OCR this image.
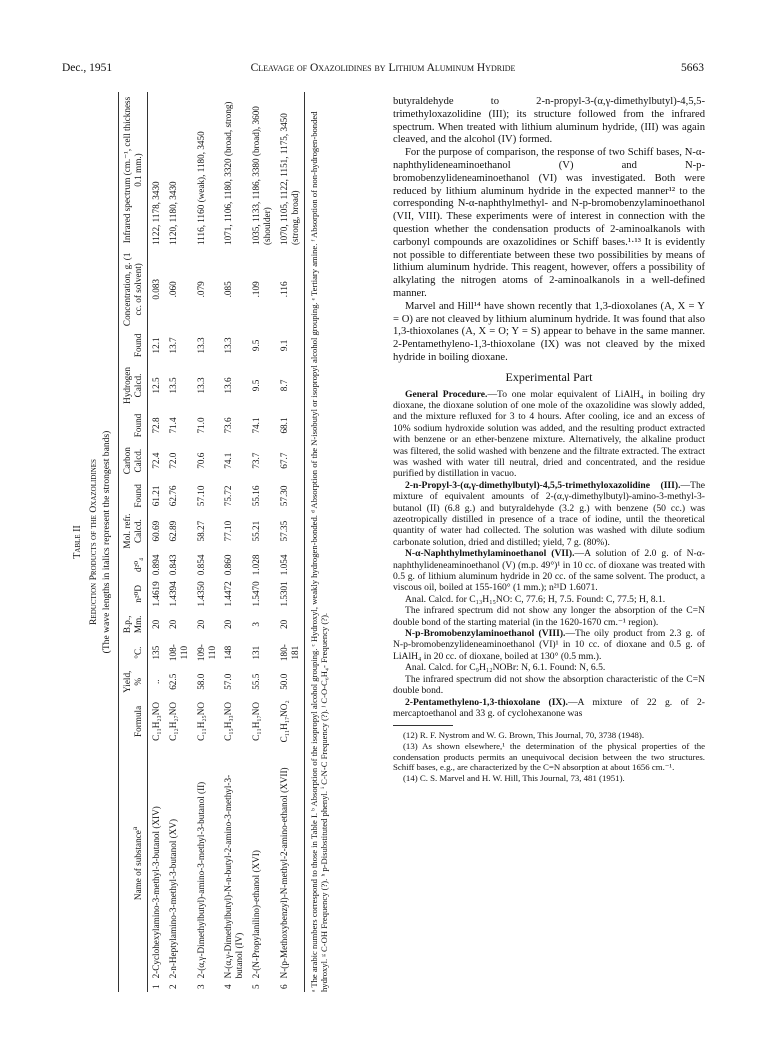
Dec., 1951	Cleavage of Oxazolidines by Lithium Aluminum Hydride	5663
Table II Reduction Products of the Oxazolidines (The wave lengths in italics represent the strongest bands)
	Name of substance$^a$	Formula	Yield, %	°C.	B.p., Mm.	n²⁰D	d²⁰₄	Mol. refr. Calcd.	Found	Carbon Calcd.	Found	Hydrogen Calcd.	Found	Concentration, g. (1 cc. of solvent)	Infrared spectrum (cm.⁻¹, cell thickness 0.1 mm.)
1	2-Cyclohexylamino-3-methyl-3-butanol (XIV)	C₁₁H₂₃NO	..	135	20	1.4619	0.894	60.69	61.21	72.4	72.8	12.5	12.1	0.083	1122, 1178, 3430
2	2-n-Heptylamino-3-methyl-3-butanol (XV)	C₁₂H₂₇NO	62.5	108-110	20	1.4394	0.843	62.89	62.76	72.0	71.4	13.5	13.7	.060	1120, 1180, 3430
3	2-(α,γ-Dimethylbutyl)-amino-3-methyl-3-butanol (II)	C₁₁H₂₅NO	58.0	109-110	20	1.4350	0.854	58.27	57.10	70.6	71.0	13.3	13.3	.079	1116, 1160 (weak), 1180, 3450
4	N-(α,γ-Dimethylbutyl)-N-n-butyl-2-amino-3-methyl-3-butanol (IV)	C₁₅H₃₃NO	57.0	148	20	1.4472	0.860	77.10	75.72	74.1	73.6	13.6	13.3	.085	1071, 1106, 1180, 3320 (broad, strong)
5	2-(N-Propylanilino)-ethanol (XVI)	C₁₁H₁₇NO	55.5	131	3	1.5470	1.028	55.21	55.16	73.7	74.1	9.5	9.5	.109	1035, 1133, 1186, 3380 (broad), 3600 (shoulder)
6	N-(p-Methoxybenzyl)-N-methyl-2-amino-ethanol (XVII)	C₁₁H₁₇NO₂	50.0	180-181	20	1.5301	1.054	57.35	57.30	67.7	68.1	8.7	9.1	.116	1070, 1105, 1122, 1151, 1175, 3450 (strong, broad) ᵃ The arabic numbers correspond to those in Table I. ᵇ Absorption of the isopropyl alcohol grouping. ᶜ Hydroxyl, weakly hydrogen-bonded. ᵈ Absorption of the N-isobutyl or isopropyl alcohol grouping. ᵉ Tertiary amine. ᶠ Absorption of non-hydrogen-bonded hydroxyl. ᵍ C-OH Frequency (?). ʰ p-Disubstituted phenyl. ⁱ C-N-C Frequency (?). ʲ C-O-C₆H₄- Frequency (?).

butyraldehyde to 2-n-propyl-3-(α,γ-dimethylbutyl)-4,5,5-trimethyloxazolidine (III); its structure followed from the infrared spectrum. When treated with lithium aluminum hydride, (III) was again cleaved, and the alcohol (IV) formed.

For the purpose of comparison, the response of two Schiff bases, N-α-naphthylideneaminoethanol (V) and N-p-bromobenzylideneaminoethanol (VI) was investigated. Both were reduced by lithium aluminum hydride in the expected manner¹² to the corresponding N-α-naphthylmethyl- and N-p-bromobenzylaminoethanol (VII, VIII). These experiments were of interest in connection with the question whether the condensation products of 2-aminoalkanols with carbonyl compounds are oxazolidines or Schiff bases.¹·¹³ It is evidently not possible to differentiate between these two possibilities by means of lithium aluminum hydride. This reagent, however, offers a possibility of alkylating the nitrogen atoms of 2-aminoalkanols in a well-defined manner.

Marvel and Hill¹⁴ have shown recently that 1,3-dioxolanes (A, X = Y = O) are not cleaved by lithium aluminum hydride. It was found that also 1,3-thioxolanes (A, X = O; Y = S) appear to behave in the same manner. 2-Pentamethyleno-1,3-thioxolane (IX) was not cleaved by the mixed hydride in boiling dioxane.

Experimental Part

General Procedure.—To one molar equivalent of LiAlH₄ in boiling dry dioxane, the dioxane solution of one mole of the oxazolidine was slowly added, and the mixture refluxed for 3 to 4 hours. After cooling, ice and an excess of 10% sodium hydroxide solution was added, and the resulting product extracted with benzene or an ether-benzene mixture. Alternatively, the alkaline product was filtered, the solid washed with benzene and the filtrate extracted. The extract was washed with water till neutral, dried and concentrated, and the residue purified by distillation in vacuo.

2-n-Propyl-3-(α,γ-dimethylbutyl)-4,5,5-trimethyloxazolidine (III).—The mixture of equivalent amounts of 2-(α,γ-dimethylbutyl)-amino-3-methyl-3-butanol (II) (6.8 g.) and butyraldehyde (3.2 g.) with benzene (50 cc.) was azeotropically distilled in presence of a trace of iodine, until the theoretical quantity of water had collected. The solution was washed with dilute sodium carbonate solution, dried and distilled; yield, 7 g. (80%).

N-α-Naphthylmethylaminoethanol (VII).—A solution of 2.0 g. of N-α-naphthylideneaminoethanol (V) (m.p. 49°)¹ in 10 cc. of dioxane was treated with 0.5 g. of lithium aluminum hydride in 20 cc. of the same solvent. The product, a viscous oil, boiled at 155-160° (1 mm.); n²¹D 1.6071.

Anal. Calcd. for C₁₃H₁₅NO: C, 77.6; H, 7.5. Found: C, 77.5; H, 8.1.

The infrared spectrum did not show any longer the absorption of the C=N double bond of the starting material (in the 1620-1670 cm.⁻¹ region).

N-p-Bromobenzylaminoethanol (VIII).—The oily product from 2.3 g. of N-p-bromobenzylideneaminoethanol (VI)¹ in 10 cc. of dioxane and 0.5 g. of LiAlH₄ in 20 cc. of dioxane, boiled at 130° (0.5 mm.).

Anal. Calcd. for C₉H₁₂NOBr: N, 6.1. Found: N, 6.5.

The infrared spectrum did not show the absorption characteristic of the C=N double bond.

2-Pentamethyleno-1,3-thioxolane (IX).—A mixture of 22 g. of 2-mercaptoethanol and 33 g. of cyclohexanone was

(12) R. F. Nystrom and W. G. Brown, This Journal, 70, 3738 (1948).

(13) As shown elsewhere,¹ the determination of the physical properties of the condensation products permits an unequivocal decision between the two structures. Schiff bases, e.g., are characterized by the C=N absorption at about 1656 cm.⁻¹.

(14) C. S. Marvel and H. W. Hill, This Journal, 73, 481 (1951).
